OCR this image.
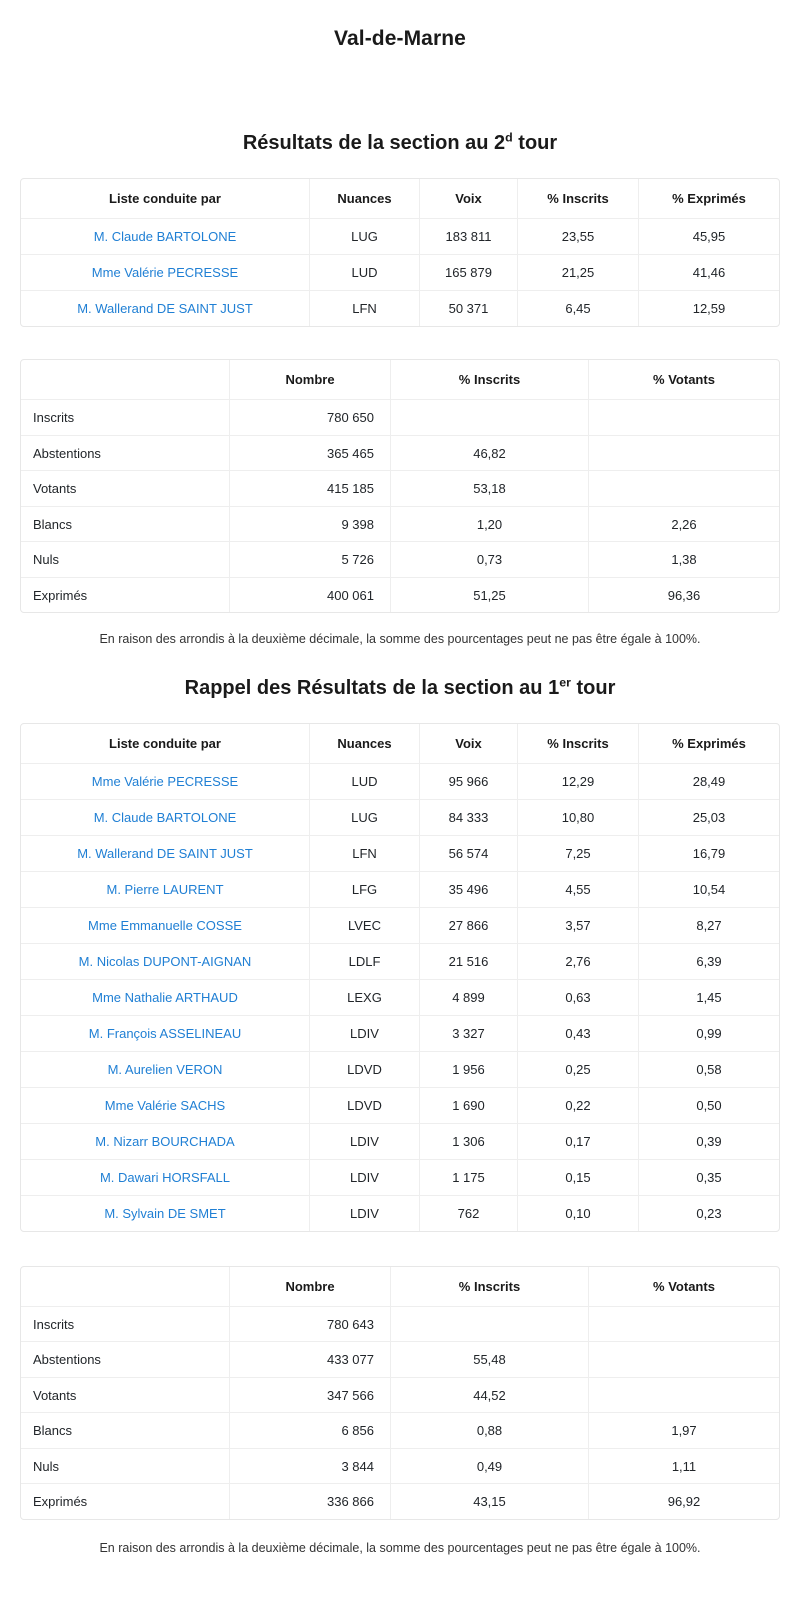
Val-de-Marne
Résultats de la section au 2$^d$ tour
Liste conduite par	Nuances	Voix	% Inscrits	% Exprimés
M. Claude BARTOLONE	LUG	183 811	23,55	45,95
Mme Valérie PECRESSE	LUD	165 879	21,25	41,46
M. Wallerand DE SAINT JUST	LFN	50 371	6,45	12,59
	Nombre	% Inscrits	% Votants
Inscrits	780 650		
Abstentions	365 465	46,82	
Votants	415 185	53,18	
Blancs	9 398	1,20	2,26
Nuls	5 726	0,73	1,38
Exprimés	400 061	51,25	96,36

En raison des arrondis à la deuxième décimale, la somme des pourcentages peut ne pas être égale à 100%.

Rappel des Résultats de la section au 1er tour
Liste conduite par	Nuances	Voix	% Inscrits	% Exprimés
Mme Valérie PECRESSE	LUD	95 966	12,29	28,49
M. Claude BARTOLONE	LUG	84 333	10,80	25,03
M. Wallerand DE SAINT JUST	LFN	56 574	7,25	16,79
M. Pierre LAURENT	LFG	35 496	4,55	10,54
Mme Emmanuelle COSSE	LVEC	27 866	3,57	8,27
M. Nicolas DUPONT-AIGNAN	LDLF	21 516	2,76	6,39
Mme Nathalie ARTHAUD	LEXG	4 899	0,63	1,45
M. François ASSELINEAU	LDIV	3 327	0,43	0,99
M. Aurelien VERON	LDVD	1 956	0,25	0,58
Mme Valérie SACHS	LDVD	1 690	0,22	0,50
M. Nizarr BOURCHADA	LDIV	1 306	0,17	0,39
M. Dawari HORSFALL	LDIV	1 175	0,15	0,35
M. Sylvain DE SMET	LDIV	762	0,10	0,23
	Nombre	% Inscrits	% Votants
Inscrits	780 643		
Abstentions	433 077	55,48	
Votants	347 566	44,52	
Blancs	6 856	0,88	1,97
Nuls	3 844	0,49	1,11
Exprimés	336 866	43,15	96,92

En raison des arrondis à la deuxième décimale, la somme des pourcentages peut ne pas être égale à 100%.
